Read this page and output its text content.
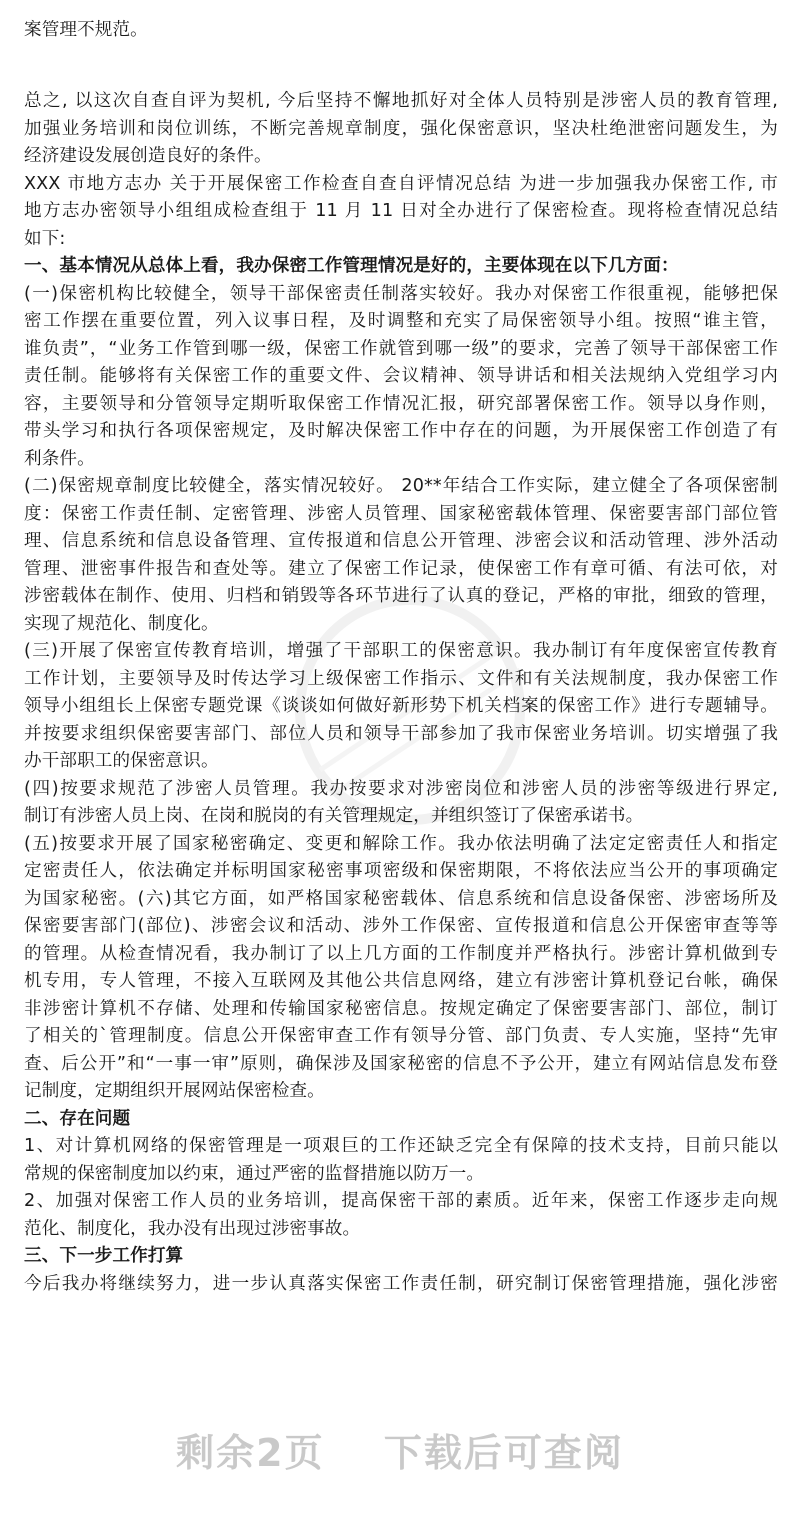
案管理不规范。
总之, 以这次自查自评为契机, 今后坚持不懈地抓好对全体人员特别是涉密人员的教育管理,
加强业务培训和岗位训练，不断完善规章制度，强化保密意识，坚决杜绝泄密问题发生，为
经济建设发展创造良好的条件。
XXX 市地方志办 关于开展保密工作检查自查自评情况总结 为进一步加强我办保密工作, 市
地方志办密领导小组组成检查组于 11 月 11 日对全办进行了保密检查。现将检查情况总结
如下:
一、基本情况从总体上看，我办保密工作管理情况是好的，主要体现在以下几方面：
(一)保密机构比较健全，领导干部保密责任制落实较好。我办对保密工作很重视，能够把保
密工作摆在重要位置，列入议事日程，及时调整和充实了局保密领导小组。按照“谁主管，
谁负责”，“业务工作管到哪一级，保密工作就管到哪一级”的要求，完善了领导干部保密工作
责任制。能够将有关保密工作的重要文件、会议精神、领导讲话和相关法规纳入党组学习内
容，主要领导和分管领导定期听取保密工作情况汇报，研究部署保密工作。领导以身作则，
带头学习和执行各项保密规定，及时解决保密工作中存在的问题，为开展保密工作创造了有
利条件。
(二)保密规章制度比较健全，落实情况较好。 20**年结合工作实际，建立健全了各项保密制
度：保密工作责任制、定密管理、涉密人员管理、国家秘密载体管理、保密要害部门部位管
理、信息系统和信息设备管理、宣传报道和信息公开管理、涉密会议和活动管理、涉外活动
管理、泄密事件报告和查处等。建立了保密工作记录，使保密工作有章可循、有法可依，对
涉密载体在制作、使用、归档和销毁等各环节进行了认真的登记，严格的审批，细致的管理，
实现了规范化、制度化。
(三)开展了保密宣传教育培训，增强了干部职工的保密意识。我办制订有年度保密宣传教育
工作计划，主要领导及时传达学习上级保密工作指示、文件和有关法规制度，我办保密工作
领导小组组长上保密专题党课《谈谈如何做好新形势下机关档案的保密工作》进行专题辅导。
并按要求组织保密要害部门、部位人员和领导干部参加了我市保密业务培训。切实增强了我
办干部职工的保密意识。
(四)按要求规范了涉密人员管理。我办按要求对涉密岗位和涉密人员的涉密等级进行界定,
制订有涉密人员上岗、在岗和脱岗的有关管理规定，并组织签订了保密承诺书。
(五)按要求开展了国家秘密确定、变更和解除工作。我办依法明确了法定定密责任人和指定
定密责任人，依法确定并标明国家秘密事项密级和保密期限，不将依法应当公开的事项确定
为国家秘密。(六)其它方面，如严格国家秘密载体、信息系统和信息设备保密、涉密场所及
保密要害部门(部位)、涉密会议和活动、涉外工作保密、宣传报道和信息公开保密审查等等
的管理。从检查情况看，我办制订了以上几方面的工作制度并严格执行。涉密计算机做到专
机专用，专人管理，不接入互联网及其他公共信息网络，建立有涉密计算机登记台帐，确保
非涉密计算机不存储、处理和传输国家秘密信息。按规定确定了保密要害部门、部位，制订
了相关的`管理制度。信息公开保密审查工作有领导分管、部门负责、专人实施，坚持“先审
查、后公开”和“一事一审”原则，确保涉及国家秘密的信息不予公开，建立有网站信息发布登
记制度，定期组织开展网站保密检查。
二、存在问题
1、对计算机网络的保密管理是一项艰巨的工作还缺乏完全有保障的技术支持，目前只能以
常规的保密制度加以约束，通过严密的监督措施以防万一。
2、加强对保密工作人员的业务培训，提高保密干部的素质。近年来，保密工作逐步走向规
范化、制度化，我办没有出现过涉密事故。
三、下一步工作打算
今后我办将继续努力，进一步认真落实保密工作责任制，研究制订保密管理措施，强化涉密
剩余2页 下载后可查阅
